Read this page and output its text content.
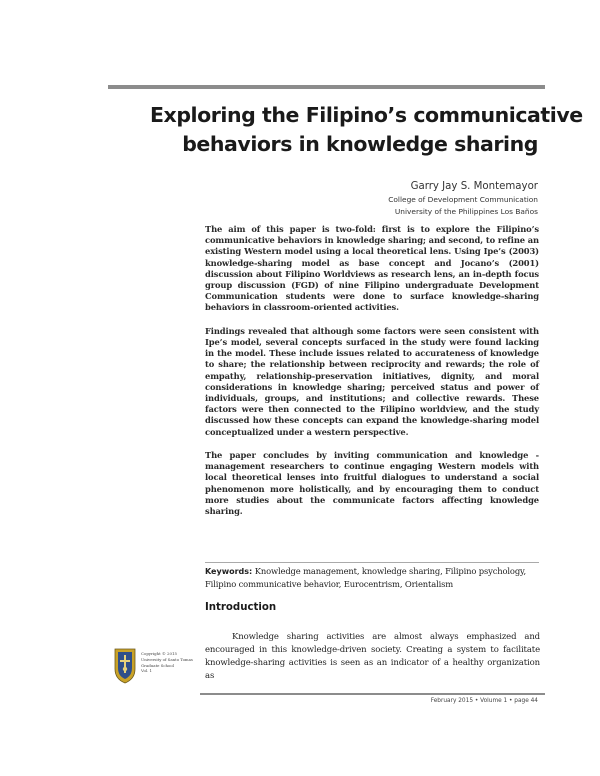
Exploring the Filipino’s communicative
behaviors in knowledge sharing
Garry Jay S. Montemayor
College of Development Communication
University of the Philippines Los Baños

The aim of this paper is two-fold: first is to explore the Filipino’s communicative behaviors in knowledge sharing; and second, to refine an existing Western model using a local theoretical lens. Using Ipe’s (2003) knowledge-sharing model as base concept and Jocano’s (2001) discussion about Filipino Worldviews as research lens, an in-depth focus group discussion (FGD) of nine Filipino undergraduate Development Communication students were done to surface knowledge-sharing behaviors in classroom-oriented activities.

Findings revealed that although some factors were seen consistent with Ipe’s model, several concepts surfaced in the study were found lacking in the model. These include issues related to accurateness of knowledge to share; the relationship between reciprocity and rewards; the role of empathy, relationship-preservation initiatives, dignity, and moral considerations in knowledge sharing; perceived status and power of individuals, groups, and institutions; and collective rewards. These factors were then connected to the Filipino worldview, and the study discussed how these concepts can expand the knowledge-sharing model conceptualized under a western perspective.

The paper concludes by inviting communication and knowledge - management researchers to continue engaging Western models with local theoretical lenses into fruitful dialogues to understand a social phenomenon more holistically, and by encouraging them to conduct more studies about the communicate factors affecting knowledge sharing.

Keywords: Knowledge management, knowledge sharing, Filipino psychology, Filipino communicative behavior, Eurocentrism, Orientalism
Introduction

Knowledge sharing activities are almost always emphasized and encouraged in this knowledge-driven society. Creating a system to facilitate knowledge-sharing activities is seen as an indicator of a healthy organization as

Copyright © 2015
University of Santo Tomas
Graduate School
Vol. 1
February 2015 • Volume 1 • page 44
